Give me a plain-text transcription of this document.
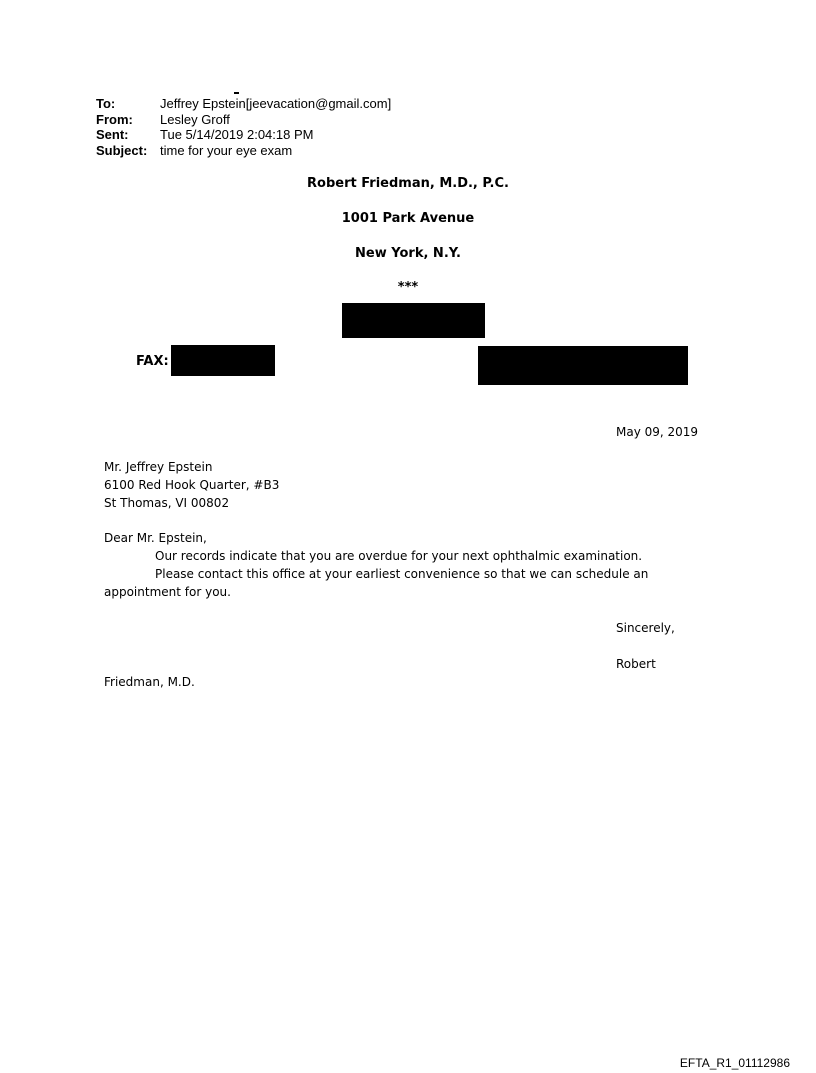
To:	Jeffrey Epstein[jeevacation@gmail.com]
From:	Lesley Groff
Sent:	Tue 5/14/2019 2:04:18 PM
Subject: time for your eye exam
Robert Friedman, M.D., P.C.
1001 Park Avenue
New York, N.Y.
***
FAX:
May 09, 2019
Mr. Jeffrey Epstein
6100 Red Hook Quarter, #B3
St Thomas, VI 00802
Dear Mr. Epstein,
Our records indicate that you are overdue for your next ophthalmic examination.
Please contact this office at your earliest convenience so that we can schedule an
appointment for you.
Sincerely,
Robert
Friedman, M.D.
EFTA_R1_01112986
